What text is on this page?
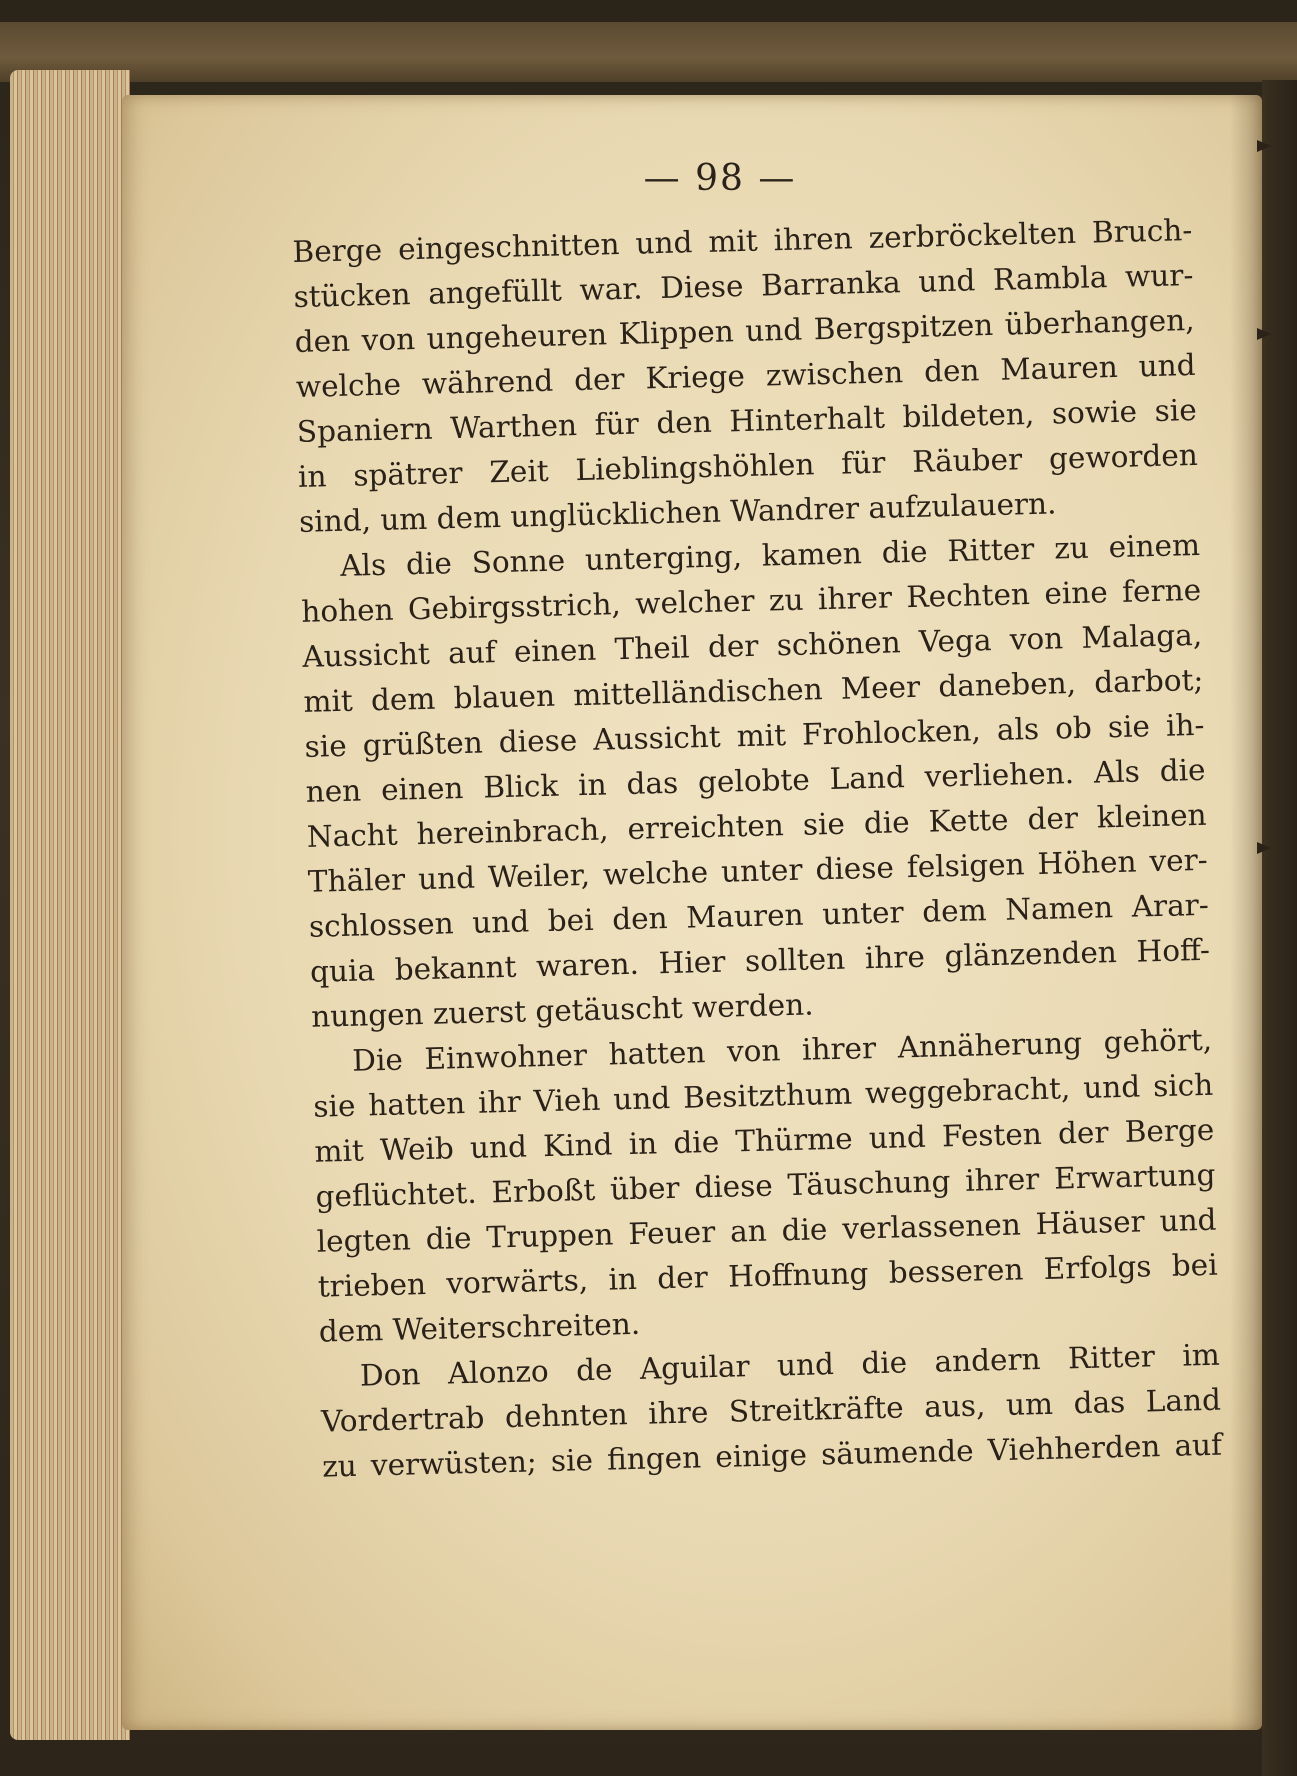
— 98 —
Berge eingeschnitten und mit ihren zerbröckelten Bruch-
stücken angefüllt war. Diese Barranka und Rambla wur-
den von ungeheuren Klippen und Bergspitzen überhangen,
welche während der Kriege zwischen den Mauren und
Spaniern Warthen für den Hinterhalt bildeten, sowie sie
in spätrer Zeit Lieblingshöhlen für Räuber geworden
sind, um dem unglücklichen Wandrer aufzulauern.
Als die Sonne unterging, kamen die Ritter zu einem
hohen Gebirgsstrich, welcher zu ihrer Rechten eine ferne
Aussicht auf einen Theil der schönen Vega von Malaga,
mit dem blauen mittelländischen Meer daneben, darbot;
sie grüßten diese Aussicht mit Frohlocken, als ob sie ih-
nen einen Blick in das gelobte Land verliehen. Als die
Nacht hereinbrach, erreichten sie die Kette der kleinen
Thäler und Weiler, welche unter diese felsigen Höhen ver-
schlossen und bei den Mauren unter dem Namen Arar-
quia bekannt waren. Hier sollten ihre glänzenden Hoff-
nungen zuerst getäuscht werden.
Die Einwohner hatten von ihrer Annäherung gehört,
sie hatten ihr Vieh und Besitzthum weggebracht, und sich
mit Weib und Kind in die Thürme und Festen der Berge
geflüchtet. Erboßt über diese Täuschung ihrer Erwartung
legten die Truppen Feuer an die verlassenen Häuser und
trieben vorwärts, in der Hoffnung besseren Erfolgs bei
dem Weiterschreiten.
Don Alonzo de Aguilar und die andern Ritter im
Vordertrab dehnten ihre Streitkräfte aus, um das Land
zu verwüsten; sie fingen einige säumende Viehherden auf
